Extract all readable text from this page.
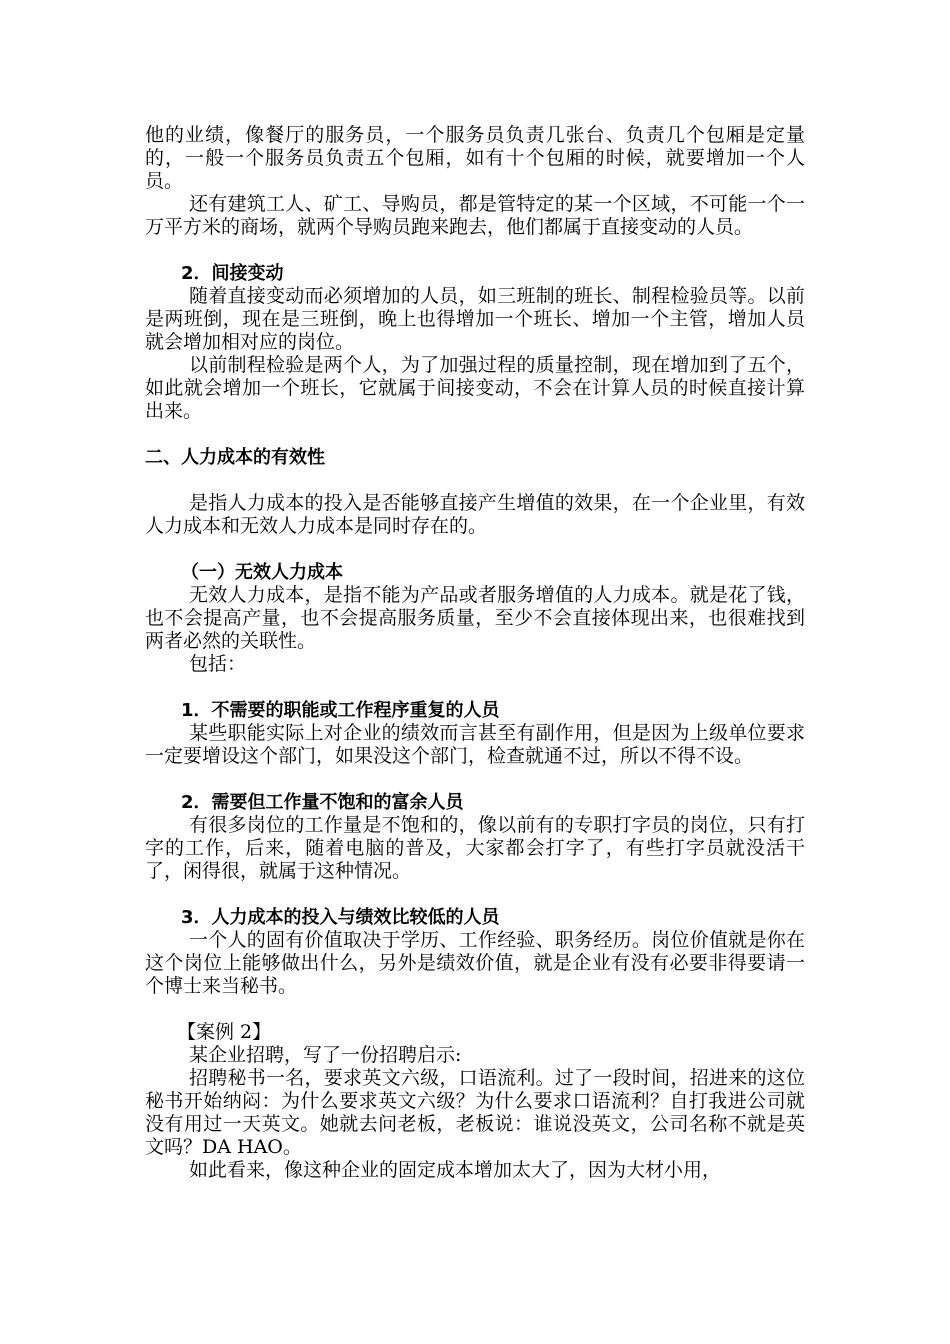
他的业绩，像餐厅的服务员，一个服务员负责几张台、负责几个包厢是定量的，一般一个服务员负责五个包厢，如有十个包厢的时候，就要增加一个人员。

还有建筑工人、矿工、导购员，都是管特定的某一个区域，不可能一个一万平方米的商场，就两个导购员跑来跑去，他们都属于直接变动的人员。

2．间接变动

随着直接变动而必须增加的人员，如三班制的班长、制程检验员等。以前是两班倒，现在是三班倒，晚上也得增加一个班长、增加一个主管，增加人员就会增加相对应的岗位。

以前制程检验是两个人，为了加强过程的质量控制，现在增加到了五个，如此就会增加一个班长，它就属于间接变动，不会在计算人员的时候直接计算出来。

二、人力成本的有效性

是指人力成本的投入是否能够直接产生增值的效果，在一个企业里，有效人力成本和无效人力成本是同时存在的。

（一）无效人力成本

无效人力成本，是指不能为产品或者服务增值的人力成本。就是花了钱，也不会提高产量，也不会提高服务质量，至少不会直接体现出来，也很难找到两者必然的关联性。

包括：

1．不需要的职能或工作程序重复的人员

某些职能实际上对企业的绩效而言甚至有副作用，但是因为上级单位要求一定要增设这个部门，如果没这个部门，检查就通不过，所以不得不设。

2．需要但工作量不饱和的富余人员

有很多岗位的工作量是不饱和的，像以前有的专职打字员的岗位，只有打字的工作，后来，随着电脑的普及，大家都会打字了，有些打字员就没活干了，闲得很，就属于这种情况。

3．人力成本的投入与绩效比较低的人员

一个人的固有价值取决于学历、工作经验、职务经历。岗位价值就是你在这个岗位上能够做出什么，另外是绩效价值，就是企业有没有必要非得要请一个博士来当秘书。

【案例 2】

某企业招聘，写了一份招聘启示:

招聘秘书一名，要求英文六级，口语流利。过了一段时间，招进来的这位秘书开始纳闷：为什么要求英文六级？为什么要求口语流利？自打我进公司就没有用过一天英文。她就去问老板，老板说：谁说没英文，公司名称不就是英文吗？DA HAO。

如此看来，像这种企业的固定成本增加太大了，因为大材小用，
